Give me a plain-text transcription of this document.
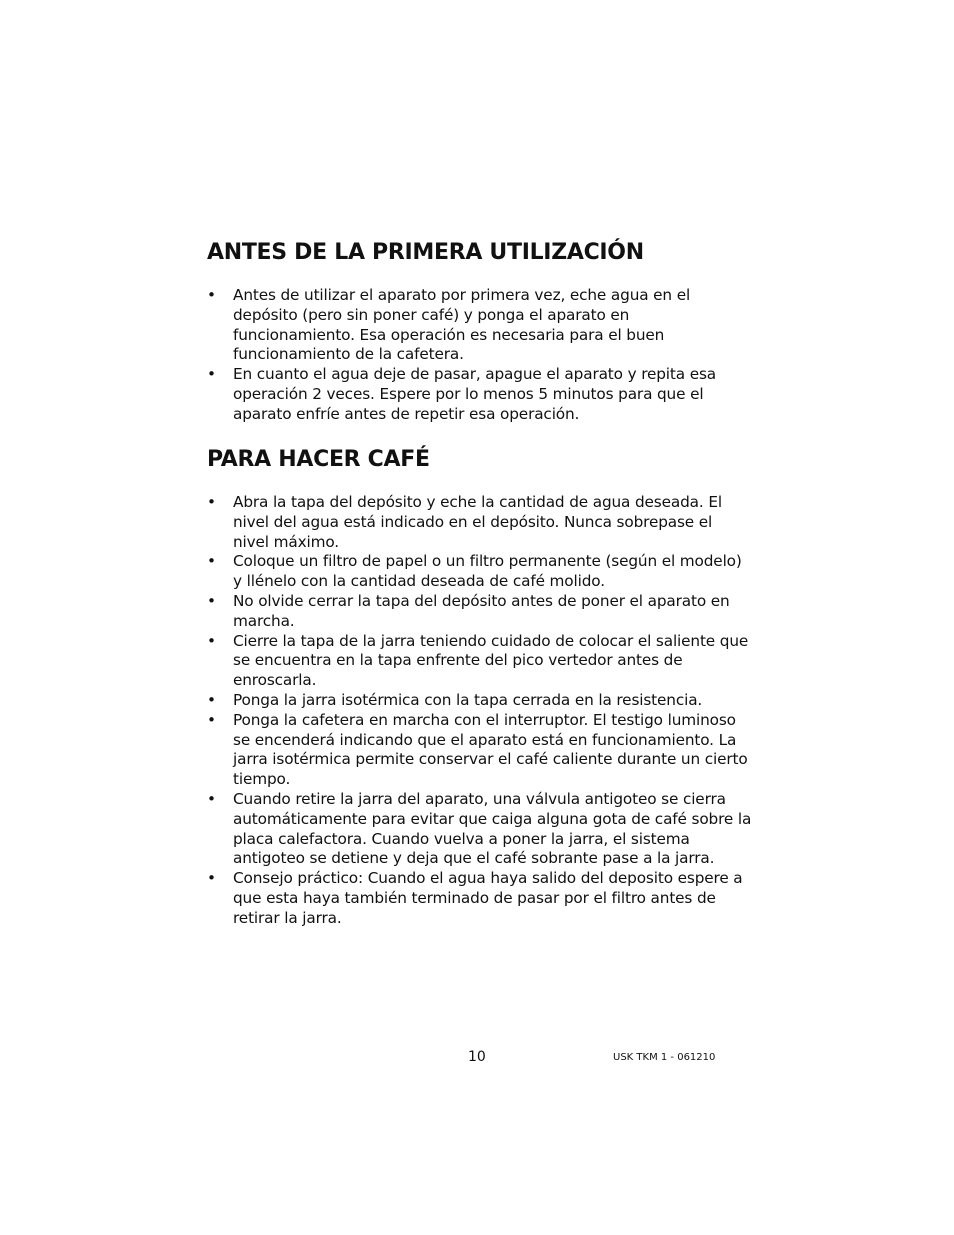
ANTES DE LA PRIMERA UTILIZACIÓN
•	Antes de utilizar el aparato por primera vez, eche agua en el depósito (pero sin poner café) y ponga el aparato en funcionamiento. Esa operación es necesaria para el buen funcionamiento de la cafetera.
•	En cuanto el agua deje de pasar, apague el aparato y repita esa operación 2 veces. Espere por lo menos 5 minutos para que el aparato enfríe antes de repetir esa operación.
PARA HACER CAFÉ
•	Abra la tapa del depósito y eche la cantidad de agua deseada. El nivel del agua está indicado en el depósito. Nunca sobrepase el nivel máximo.
•	Coloque un filtro de papel o un filtro permanente (según el modelo) y llénelo con la cantidad deseada de café molido.
•	No olvide cerrar la tapa del depósito antes de poner el aparato en marcha.
•	Cierre la tapa de la jarra teniendo cuidado de colocar el saliente que se encuentra en la tapa enfrente del pico vertedor antes de enroscarla.
•	Ponga la jarra isotérmica con la tapa cerrada en la resistencia.
•	Ponga la cafetera en marcha con el interruptor. El testigo luminoso se encenderá indicando que el aparato está en funcionamiento. La jarra isotérmica permite conservar el café caliente durante un cierto tiempo.
•	Cuando retire la jarra del aparato, una válvula antigoteo se cierra automáticamente para evitar que caiga alguna gota de café sobre la placa calefactora. Cuando vuelva a poner la jarra, el sistema antigoteo se detiene y deja que el café sobrante pase a la jarra.
•	Consejo práctico: Cuando el agua haya salido del deposito espere a que esta haya también terminado de pasar por el filtro antes de retirar la jarra.
10	USK TKM 1 - 061210
